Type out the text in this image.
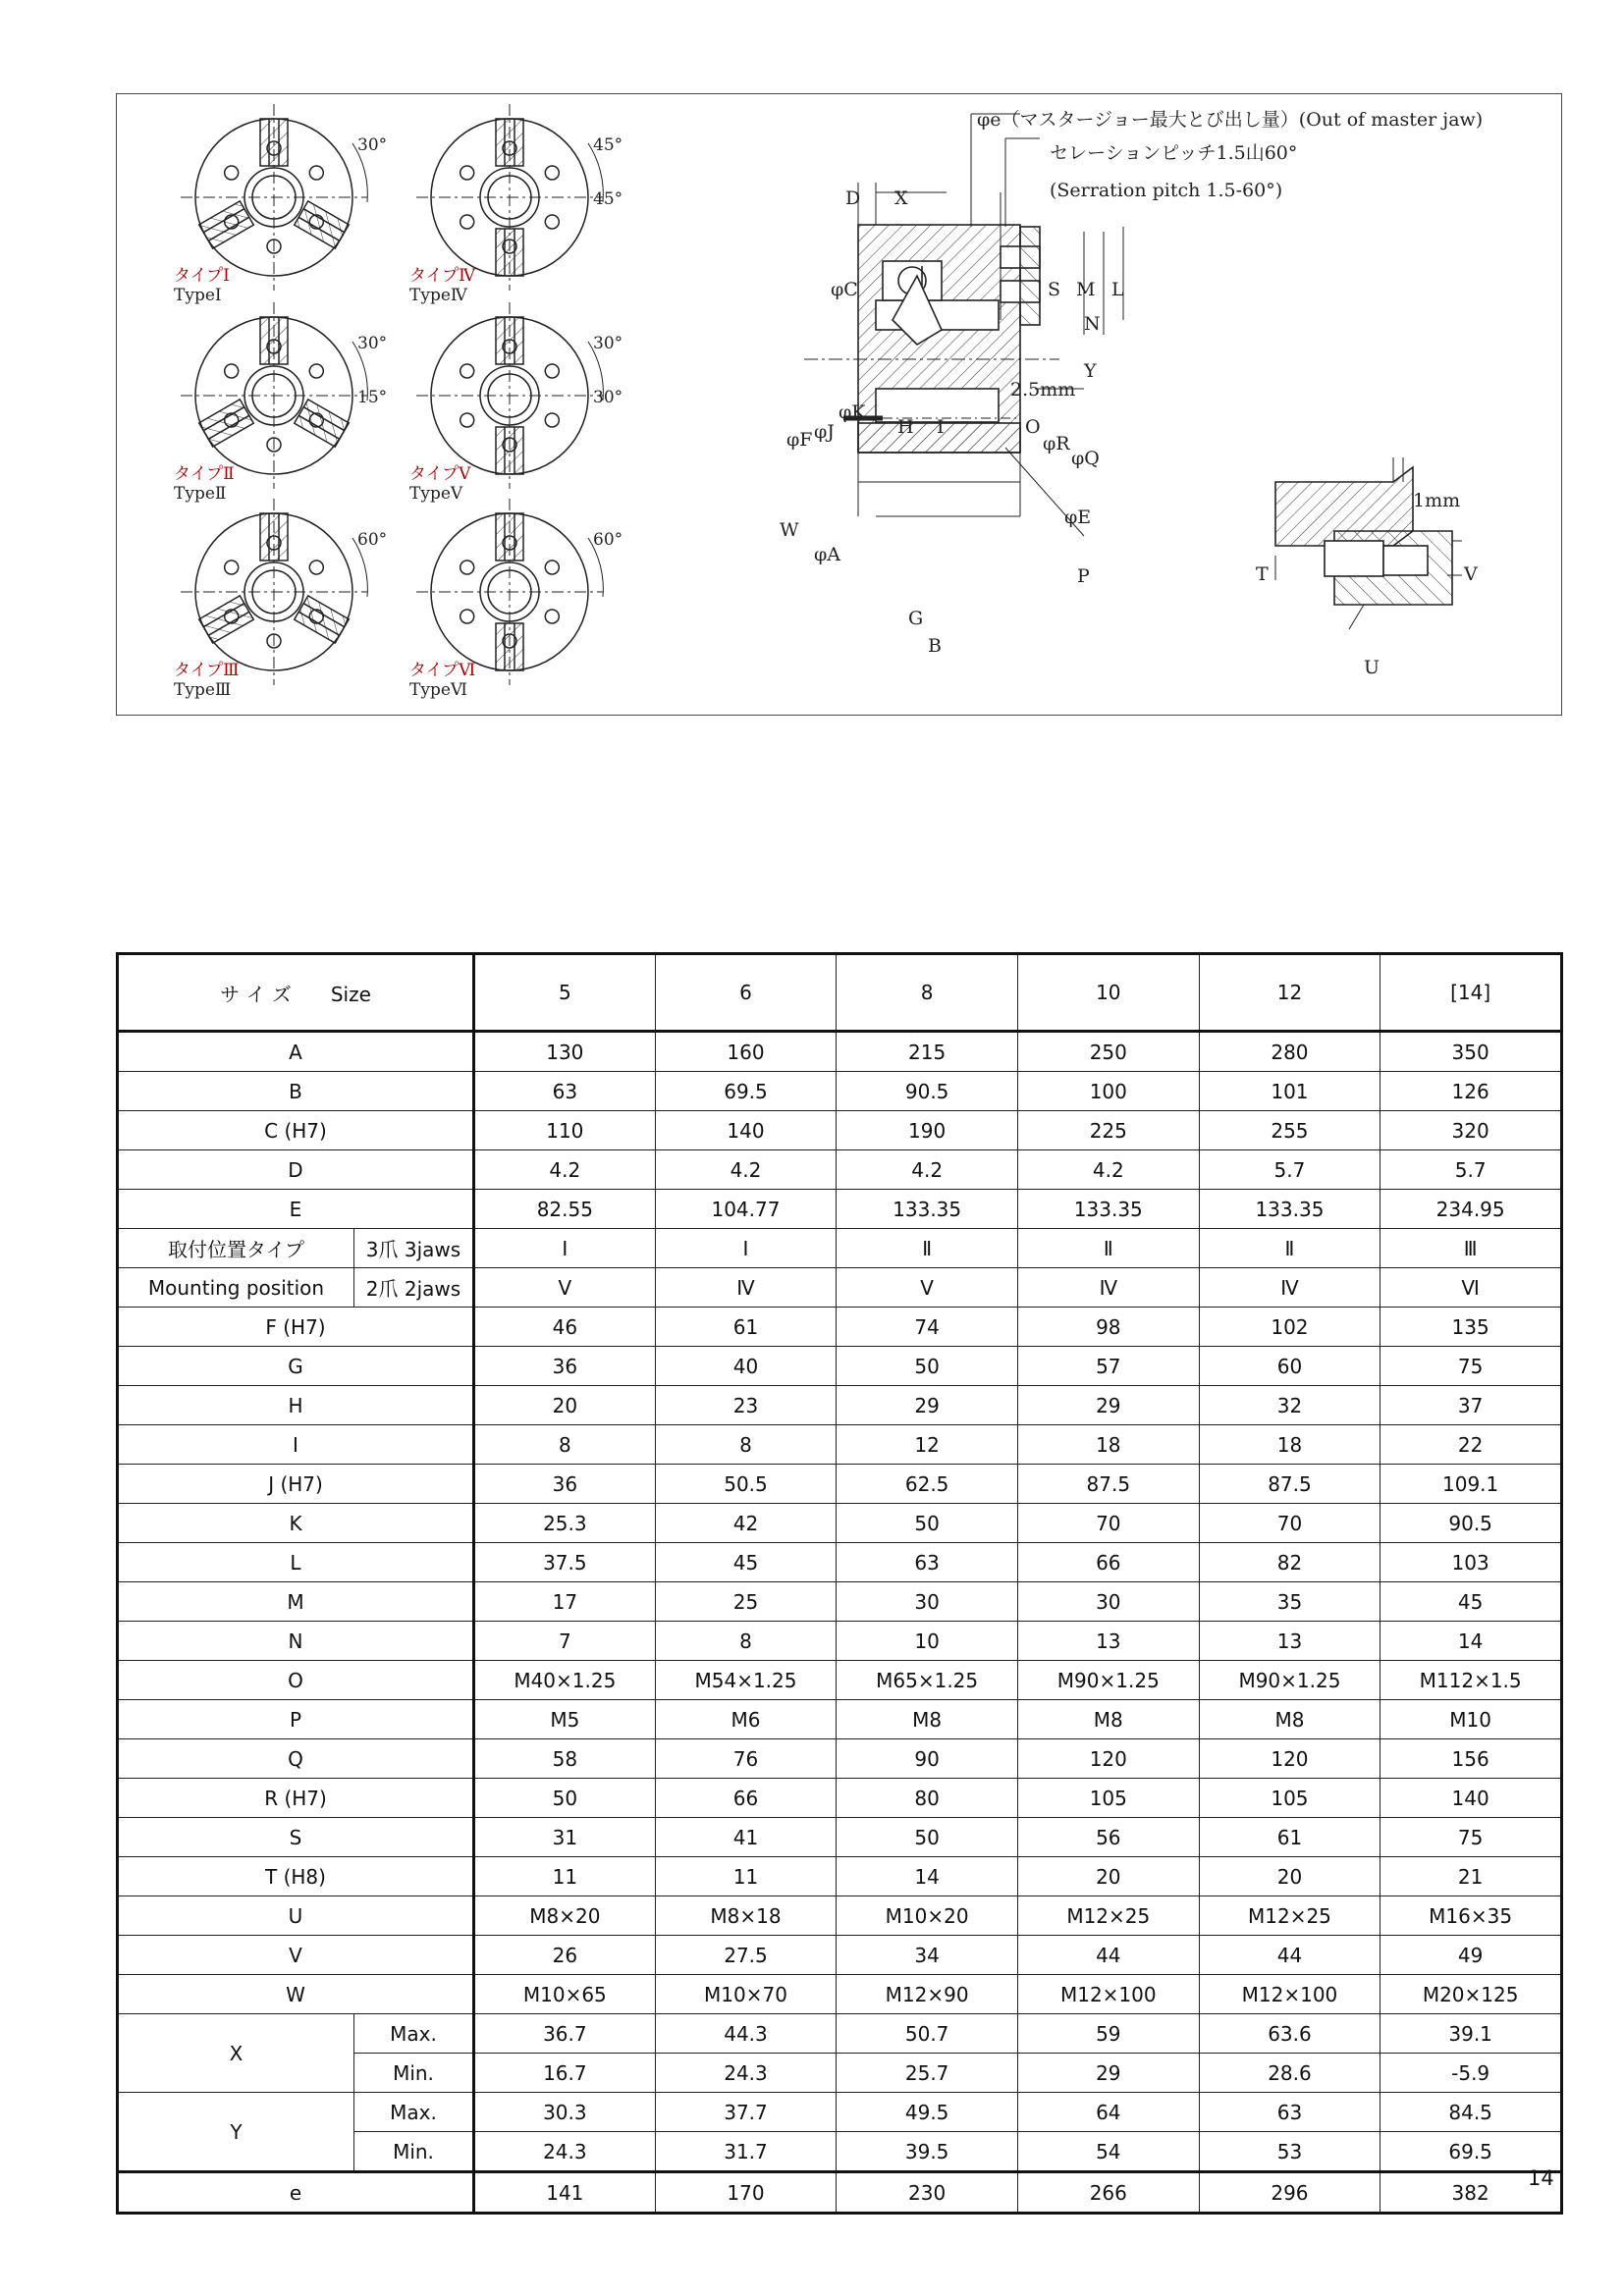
タイプⅠ
TypeⅠ
30°
タイプⅣ
TypeⅣ
45°
45°
タイプⅡ
TypeⅡ
30°
15°
タイプⅤ
TypeⅤ
30°
30°
タイプⅢ
TypeⅢ
60°
タイプⅥ
TypeⅥ
60°
φe（マスタージョー最大とび出し量）(Out of master jaw)
セレーションピッチ1.5山60°
(Serration pitch 1.5-60°)
2.5mm
1mm
D X
φC	S M L
N
Y
φK
φJ
φF
H I	O
φR
φQ
W
φE
φA
P
G
B
T	V
U
サ イ ズ　　Size		5	6	8	10	12	[14]
A		130	160	215	250	280	350
B		63	69.5	90.5	100	101	126
C (H7)		110	140	190	225	255	320
D		4.2	4.2	4.2	4.2	5.7	5.7
E		82.55	104.77	133.35	133.35	133.35	234.95
取付位置タイプ	3爪 3jaws	Ⅰ	Ⅰ	Ⅱ	Ⅱ	Ⅱ	Ⅲ
Mounting position	2爪 2jaws	Ⅴ	Ⅳ	Ⅴ	Ⅳ	Ⅳ	Ⅵ
F (H7)		46	61	74	98	102	135
G		36	40	50	57	60	75
H		20	23	29	29	32	37
I		8	8	12	18	18	22
J (H7)		36	50.5	62.5	87.5	87.5	109.1
K		25.3	42	50	70	70	90.5
L		37.5	45	63	66	82	103
M		17	25	30	30	35	45
N		7	8	10	13	13	14
O		M40×1.25	M54×1.25	M65×1.25	M90×1.25	M90×1.25	M112×1.5
P		M5	M6	M8	M8	M8	M10
Q		58	76	90	120	120	156
R (H7)		50	66	80	105	105	140
S		31	41	50	56	61	75
T (H8)		11	11	14	20	20	21
U		M8×20	M8×18	M10×20	M12×25	M12×25	M16×35
V		26	27.5	34	44	44	49
W		M10×65	M10×70	M12×90	M12×100	M12×100	M20×125
X	Max.	36.7	44.3	50.7	59	63.6	39.1
	Min.	16.7	24.3	25.7	29	28.6	-5.9
Y	Max.	30.3	37.7	49.5	64	63	84.5
	Min.	24.3	31.7	39.5	54	53	69.5
e		141	170	230	266	296	382
14
